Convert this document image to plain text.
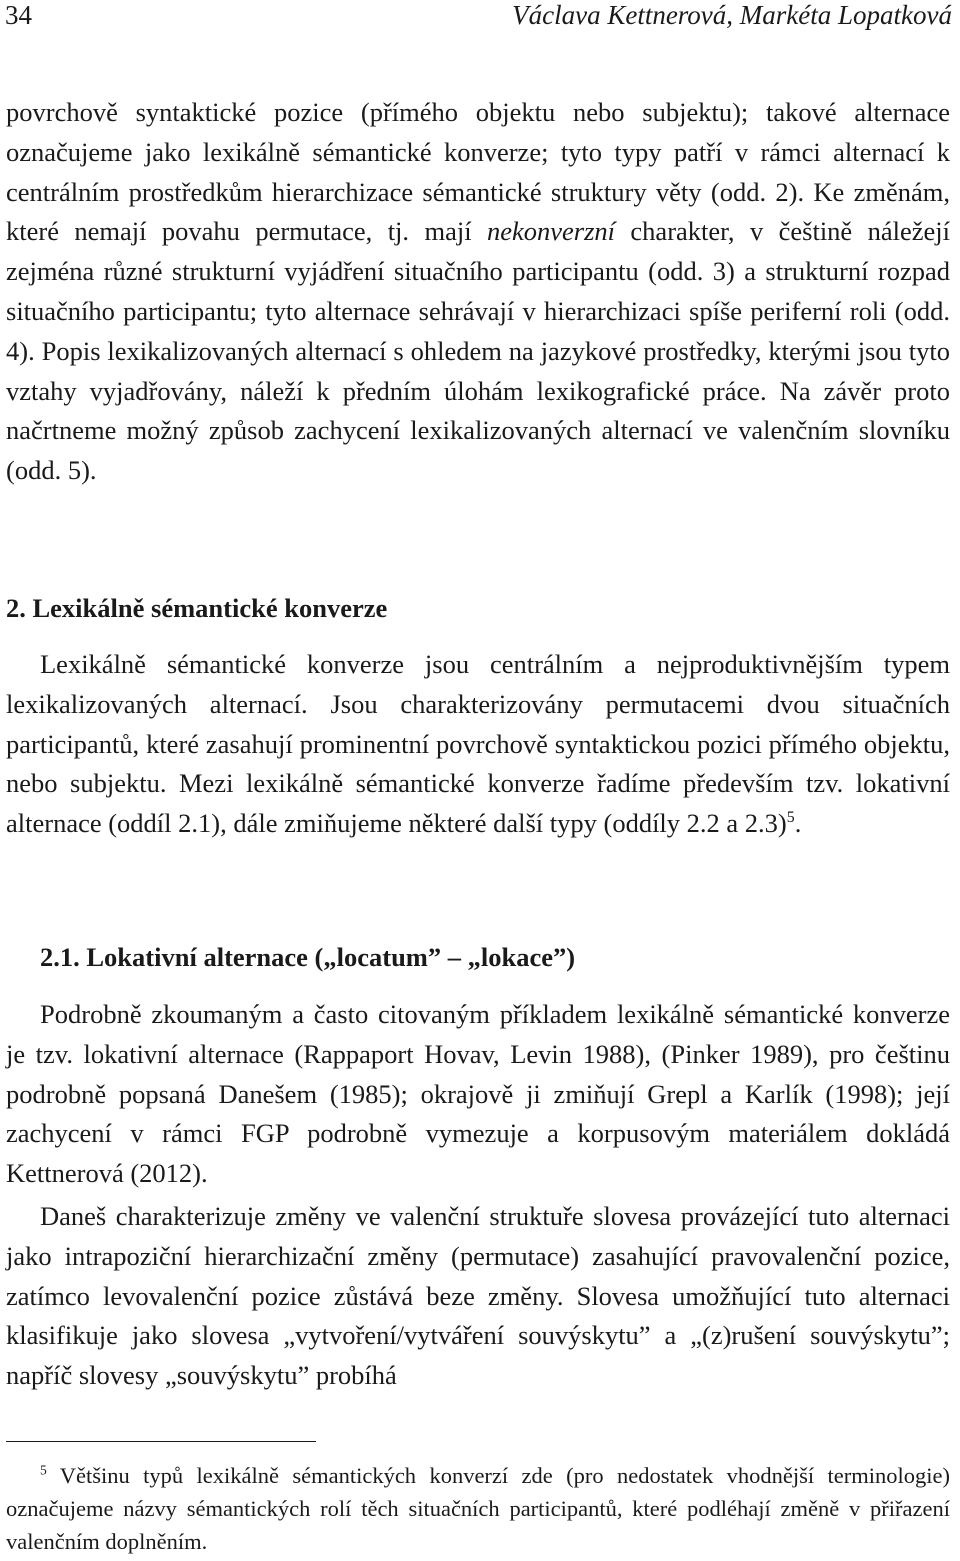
34	Václava Kettnerová, Markéta Lopatková

povrchově syntaktické pozice (přímého objektu nebo subjektu); takové alternace označujeme jako lexikálně sémantické konverze; tyto typy patří v rámci alternací k centrálním prostředkům hierarchizace sémantické struktury věty (odd. 2). Ke změnám, které nemají povahu permutace, tj. mají nekonverzní charakter, v češtině náležejí zejména různé strukturní vyjádření situačního participantu (odd. 3) a strukturní rozpad situačního participantu; tyto alternace sehrávají v hierarchizaci spíše periferní roli (odd. 4). Popis lexikalizovaných alternací s ohledem na jazykové prostředky, kterými jsou tyto vztahy vyjadřovány, náleží k předním úlohám lexikografické práce. Na závěr proto načrtneme možný způsob zachycení lexikalizovaných alternací ve valenčním slovníku (odd. 5).

2. Lexikálně sémantické konverze

Lexikálně sémantické konverze jsou centrálním a nejproduktivnějším typem lexikalizovaných alternací. Jsou charakterizovány permutacemi dvou situačních participantů, které zasahují prominentní povrchově syntaktickou pozici přímého objektu, nebo subjektu. Mezi lexikálně sémantické konverze řadíme především tzv. lokativní alternace (oddíl 2.1), dále zmiňujeme některé další typy (oddíly 2.2 a 2.3)$^5$.

2.1. Lokativní alternace („locatum” – „lokace”)

Podrobně zkoumaným a často citovaným příkladem lexikálně sémantické konverze je tzv. lokativní alternace (Rappaport Hovav, Levin 1988), (Pinker 1989), pro češtinu podrobně popsaná Danešem (1985); okrajově ji zmiňují Grepl a Karlík (1998); její zachycení v rámci FGP podrobně vymezuje a korpusovým materiálem dokládá Kettnerová (2012).

Daneš charakterizuje změny ve valenční struktuře slovesa provázející tuto alternaci jako intrapoziční hierarchizační změny (permutace) zasahující pravovalenční pozice, zatímco levovalenční pozice zůstává beze změny. Slovesa umožňující tuto alternaci klasifikuje jako slovesa „vytvoření/vytváření souvýskytu” a „(z)rušení souvýskytu”; napříč slovesy „souvýskytu” probíhá

$^5$ Většinu typů lexikálně sémantických konverzí zde (pro nedostatek vhodnější terminologie) označujeme názvy sémantických rolí těch situačních participantů, které podléhají změně v přiřazení valenčním doplněním.
